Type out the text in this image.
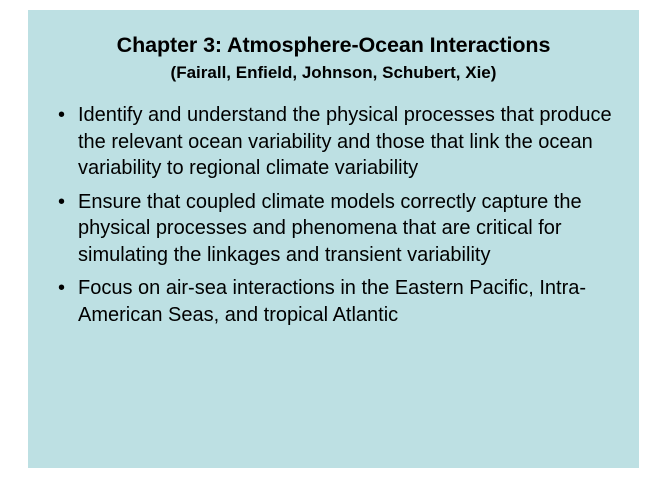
Chapter 3: Atmosphere-Ocean Interactions
(Fairall, Enfield, Johnson, Schubert, Xie)
• Identify and understand the physical processes that produce the relevant ocean variability and those that link the ocean variability to regional climate variability
• Ensure that coupled climate models correctly capture the physical processes and phenomena that are critical for simulating the linkages and transient variability
• Focus on air-sea interactions in the Eastern Pacific, Intra-American Seas, and tropical Atlantic
